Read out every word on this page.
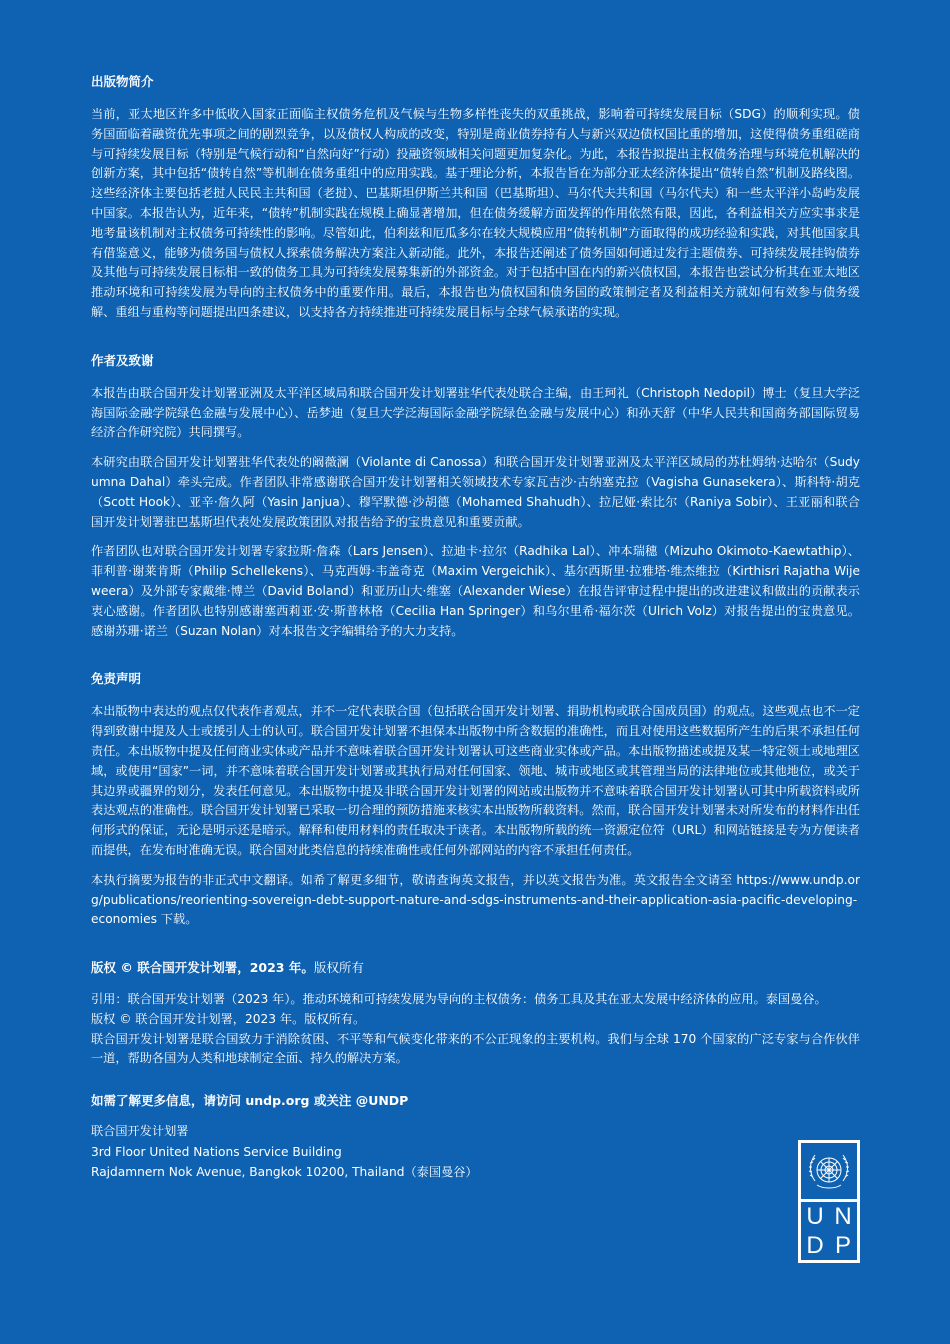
出版物简介

当前，亚太地区许多中低收入国家正面临主权债务危机及气候与生物多样性丧失的双重挑战，影响着可持续发展目标（SDG）的顺利实现。债务国面临着融资优先事项之间的剧烈竞争，以及债权人构成的改变，特别是商业债券持有人与新兴双边债权国比重的增加，这使得债务重组磋商与可持续发展目标（特别是气候行动和“自然向好”行动）投融资领域相关问题更加复杂化。为此，本报告拟提出主权债务治理与环境危机解决的创新方案，其中包括“债转自然”等机制在债务重组中的应用实践。基于理论分析，本报告旨在为部分亚太经济体提出“债转自然”机制及路线图。这些经济体主要包括老挝人民民主共和国（老挝）、巴基斯坦伊斯兰共和国（巴基斯坦）、马尔代夫共和国（马尔代夫）和一些太平洋小岛屿发展中国家。本报告认为，近年来，“债转”机制实践在规模上确显著增加，但在债务缓解方面发挥的作用依然有限，因此，各利益相关方应实事求是地考量该机制对主权债务可持续性的影响。尽管如此，伯利兹和厄瓜多尔在较大规模应用“债转机制”方面取得的成功经验和实践，对其他国家具有借鉴意义，能够为债务国与债权人探索债务解决方案注入新动能。此外，本报告还阐述了债务国如何通过发行主题债券、可持续发展挂钩债券及其他与可持续发展目标相一致的债务工具为可持续发展募集新的外部资金。对于包括中国在内的新兴债权国，本报告也尝试分析其在亚太地区推动环境和可持续发展为导向的主权债务中的重要作用。最后，本报告也为债权国和债务国的政策制定者及利益相关方就如何有效参与债务缓解、重组与重构等问题提出四条建议，以支持各方持续推进可持续发展目标与全球气候承诺的实现。

作者及致谢

本报告由联合国开发计划署亚洲及太平洋区域局和联合国开发计划署驻华代表处联合主编，由王珂礼（Christoph Nedopil）博士（复旦大学泛海国际金融学院绿色金融与发展中心）、岳梦迪（复旦大学泛海国际金融学院绿色金融与发展中心）和孙天舒（中华人民共和国商务部国际贸易经济合作研究院）共同撰写。

本研究由联合国开发计划署驻华代表处的阚薇澜（Violante di Canossa）和联合国开发计划署亚洲及太平洋区域局的苏杜姆纳·达哈尔（Sudyumna Dahal）牵头完成。作者团队非常感谢联合国开发计划署相关领域技术专家瓦吉沙·古纳塞克拉（Vagisha Gunasekera）、斯科特·胡克（Scott Hook）、亚辛·詹久阿（Yasin Janjua）、穆罕默德·沙胡德（Mohamed Shahudh）、拉尼娅·索比尔（Raniya Sobir）、王亚丽和联合国开发计划署驻巴基斯坦代表处发展政策团队对报告给予的宝贵意见和重要贡献。

作者团队也对联合国开发计划署专家拉斯·詹森（Lars Jensen）、拉迪卡·拉尔（Radhika Lal）、冲本瑞穗（Mizuho Okimoto-Kaewtathip）、菲利普·谢莱肯斯（Philip Schellekens）、马克西姆·韦盖奇克（Maxim Vergeichik）、基尔西斯里·拉雅塔·维杰维拉（Kirthisri Rajatha Wijeweera）及外部专家戴维·博兰（David Boland）和亚历山大·维塞（Alexander Wiese）在报告评审过程中提出的改进建议和做出的贡献表示衷心感谢。作者团队也特别感谢塞西莉亚·安·斯普林格（Cecilia Han Springer）和乌尔里希·福尔茨（Ulrich Volz）对报告提出的宝贵意见。感谢苏珊·诺兰（Suzan Nolan）对本报告文字编辑给予的大力支持。

免责声明

本出版物中表达的观点仅代表作者观点，并不一定代表联合国（包括联合国开发计划署、捐助机构或联合国成员国）的观点。这些观点也不一定得到致谢中提及人士或援引人士的认可。联合国开发计划署不担保本出版物中所含数据的准确性，而且对使用这些数据所产生的后果不承担任何责任。本出版物中提及任何商业实体或产品并不意味着联合国开发计划署认可这些商业实体或产品。本出版物描述或提及某一特定领土或地理区域，或使用“国家”一词，并不意味着联合国开发计划署或其执行局对任何国家、领地、城市或地区或其管理当局的法律地位或其他地位，或关于其边界或疆界的划分，发表任何意见。本出版物中提及非联合国开发计划署的网站或出版物并不意味着联合国开发计划署认可其中所载资料或所表达观点的准确性。联合国开发计划署已采取一切合理的预防措施来核实本出版物所载资料。然而，联合国开发计划署未对所发布的材料作出任何形式的保证，无论是明示还是暗示。解释和使用材料的责任取决于读者。本出版物所载的统一资源定位符（URL）和网站链接是专为方便读者而提供，在发布时准确无误。联合国对此类信息的持续准确性或任何外部网站的内容不承担任何责任。

本执行摘要为报告的非正式中文翻译。如希了解更多细节，敬请查询英文报告，并以英文报告为准。英文报告全文请至 https://www.undp.org/publications/reorienting-sovereign-debt-support-nature-and-sdgs-instruments-and-their-application-asia-pacific-developing-economies 下载。

版权 © 联合国开发计划署，2023 年。版权所有

引用：联合国开发计划署（2023 年）。推动环境和可持续发展为导向的主权债务：债务工具及其在亚太发展中经济体的应用。泰国曼谷。

版权 © 联合国开发计划署，2023 年。版权所有。

联合国开发计划署是联合国致力于消除贫困、不平等和气候变化带来的不公正现象的主要机构。我们与全球 170 个国家的广泛专家与合作伙伴一道，帮助各国为人类和地球制定全面、持久的解决方案。

如需了解更多信息，请访问 undp.org 或关注 @UNDP

联合国开发计划署

3rd Floor United Nations Service Building

Rajdamnern Nok Avenue, Bangkok 10200, Thailand（泰国曼谷）

U N
D P
